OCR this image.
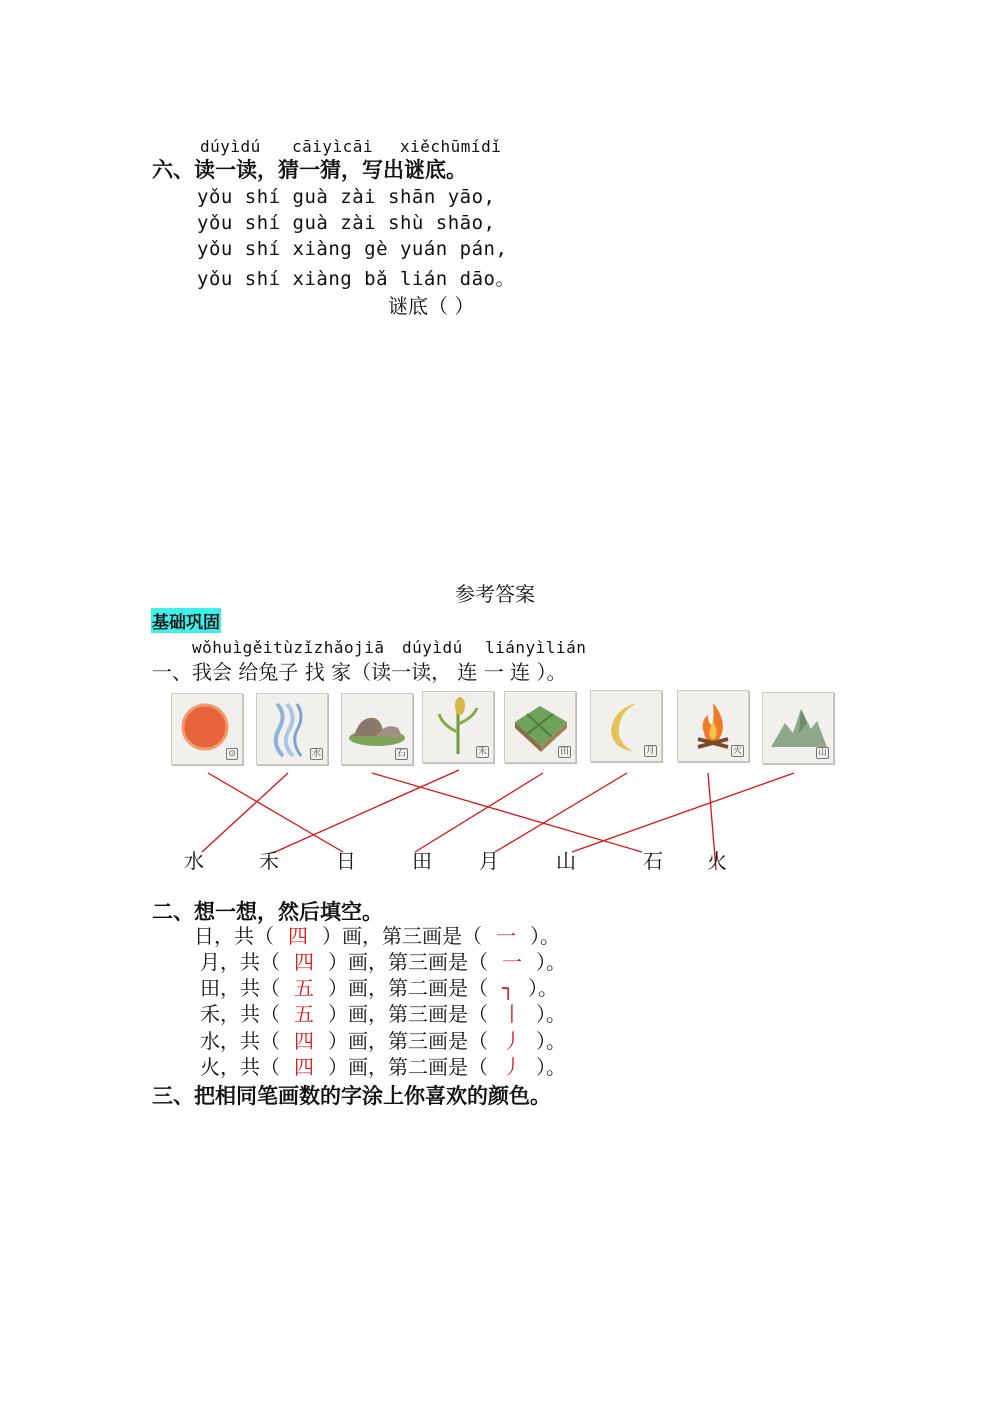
dúyìdú cāiyìcāi xiěchūmídǐ
六、读一读，猜一猜，写出谜底。
yǒu shí guà zài shān yāo,
yǒu shí guà zài shù shāo,
yǒu shí xiàng gè yuán pán,
yǒu shí xiàng bǎ lián dāo。
谜底（ ）
参考答案
基础巩固
wǒhuìgěitùzǐzhǎojiā dúyìdú liányìlián
一、我会 给兔子 找 家（读一读， 连 一 连 ）。
⊙	水	石	禾	田	月	火	山
水	禾	日	田 月	山	石 火
二、想一想，然后填空。
日，共（ 四 ）画，第三画是（ 一 ）。
月，共（ 四 ）画，第三画是（ 一 ）。
田，共（ 五 ）画，第二画是（ ┐ ）。
禾，共（ 五 ）画，第三画是（ 丨 ）。
水，共（ 四 ）画，第三画是（ 丿 ）。
火，共（ 四 ）画，第二画是（ 丿 ）。
三、把相同笔画数的字涂上你喜欢的颜色。
